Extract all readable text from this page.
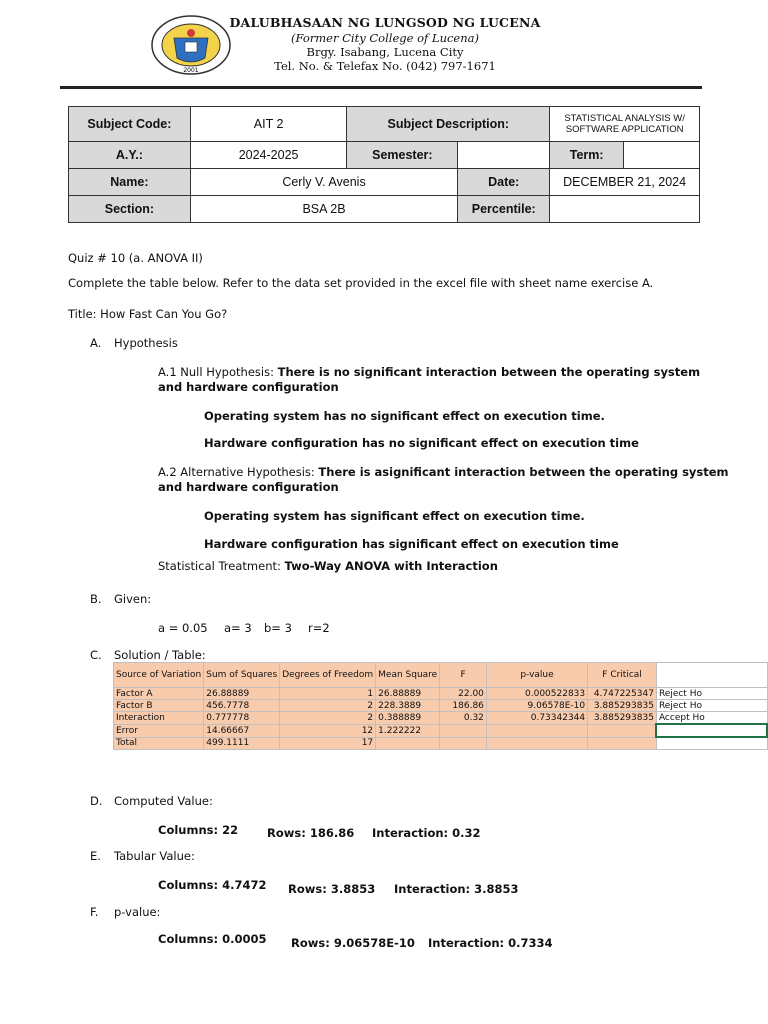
2001
DALUBHASAAN NG LUNGSOD NG LUCENA
(Former City College of Lucena)
Brgy. Isabang, Lucena City
Tel. No. & Telefax No. (042) 797-1671
Subject Code:	AIT 2	Subject Description:		STATISTICAL ANALYSIS W/ SOFTWARE APPLICATION	
A.Y.:	2024-2025	Semester:		Term:	
Name:	Cerly V. Avenis		Date:	DECEMBER 21, 2024	
Section:	BSA 2B		Percentile:		
Quiz # 10 (a. ANOVA II)
Complete the table below. Refer to the data set provided in the excel file with sheet name exercise A.
Title: How Fast Can You Go?
A. Hypothesis
A.1 Null Hypothesis: There is no significant interaction between the operating system
and hardware configuration
Operating system has no significant effect on execution time.
Hardware configuration has no significant effect on execution time
A.2 Alternative Hypothesis: There is asignificant interaction between the operating system
and hardware configuration
Operating system has significant effect on execution time.
Hardware configuration has significant effect on execution time
Statistical Treatment: Two-Way ANOVA with Interaction
B. Given:
a = 0.05 a= 3 b= 3 r=2
C. Solution / Table:
Source of Variation	Sum of Squares	Degrees of Freedom	Mean Square	F	p-value	F Critical	
Factor A	26.88889	1	26.88889	22.00	0.000522833	4.747225347	Reject Ho
Factor B	456.7778	2	228.3889	186.86	9.06578E-10	3.885293835	Reject Ho
Interaction	0.777778	2	0.388889	0.32	0.73342344	3.885293835	Accept Ho
Error	14.66667	12	1.222222				
Total	499.1111	17					
D. Computed Value:
Columns: 22	Rows: 186.86 Interaction: 0.32
E. Tabular Value:
Columns: 4.7472 Rows: 3.8853 Interaction: 3.8853
F. p-value:
Columns: 0.0005 Rows: 9.06578E-10 Interaction: 0.7334
